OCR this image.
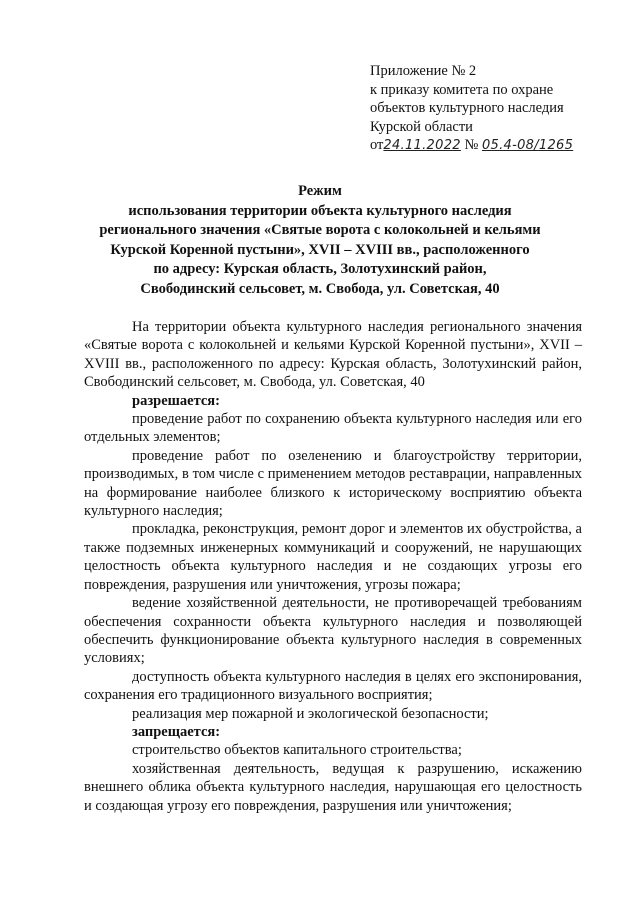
Приложение № 2
к приказу комитета по охране
объектов культурного наследия
Курской области
от24.11.2022 № 05.4-08/1265
Режим
использования территории объекта культурного наследия
регионального значения «Святые ворота с колокольней и кельями
Курской Коренной пустыни», XVII – XVIII вв., расположенного
по адресу: Курская область, Золотухинский район,
Свободинский сельсовет, м. Свобода, ул. Советская, 40

На территории объекта культурного наследия регионального значения «Святые ворота с колокольней и кельями Курской Коренной пустыни», XVII – XVIII вв., расположенного по адресу: Курская область, Золотухинский район, Свободинский сельсовет, м. Свобода, ул. Советская, 40

разрешается:

проведение работ по сохранению объекта культурного наследия или его отдельных элементов;

проведение работ по озеленению и благоустройству территории, производимых, в том числе с применением методов реставрации, направленных на формирование наиболее близкого к историческому восприятию объекта культурного наследия;

прокладка, реконструкция, ремонт дорог и элементов их обустройства, а также подземных инженерных коммуникаций и сооружений, не нарушающих целостность объекта культурного наследия и не создающих угрозы его повреждения, разрушения или уничтожения, угрозы пожара;

ведение хозяйственной деятельности, не противоречащей требованиям обеспечения сохранности объекта культурного наследия и позволяющей обеспечить функционирование объекта культурного наследия в современных условиях;

доступность объекта культурного наследия в целях его экспонирования, сохранения его традиционного визуального восприятия;

реализация мер пожарной и экологической безопасности;

запрещается:

строительство объектов капитального строительства;

хозяйственная деятельность, ведущая к разрушению, искажению внешнего облика объекта культурного наследия, нарушающая его целостность и создающая угрозу его повреждения, разрушения или уничтожения;
